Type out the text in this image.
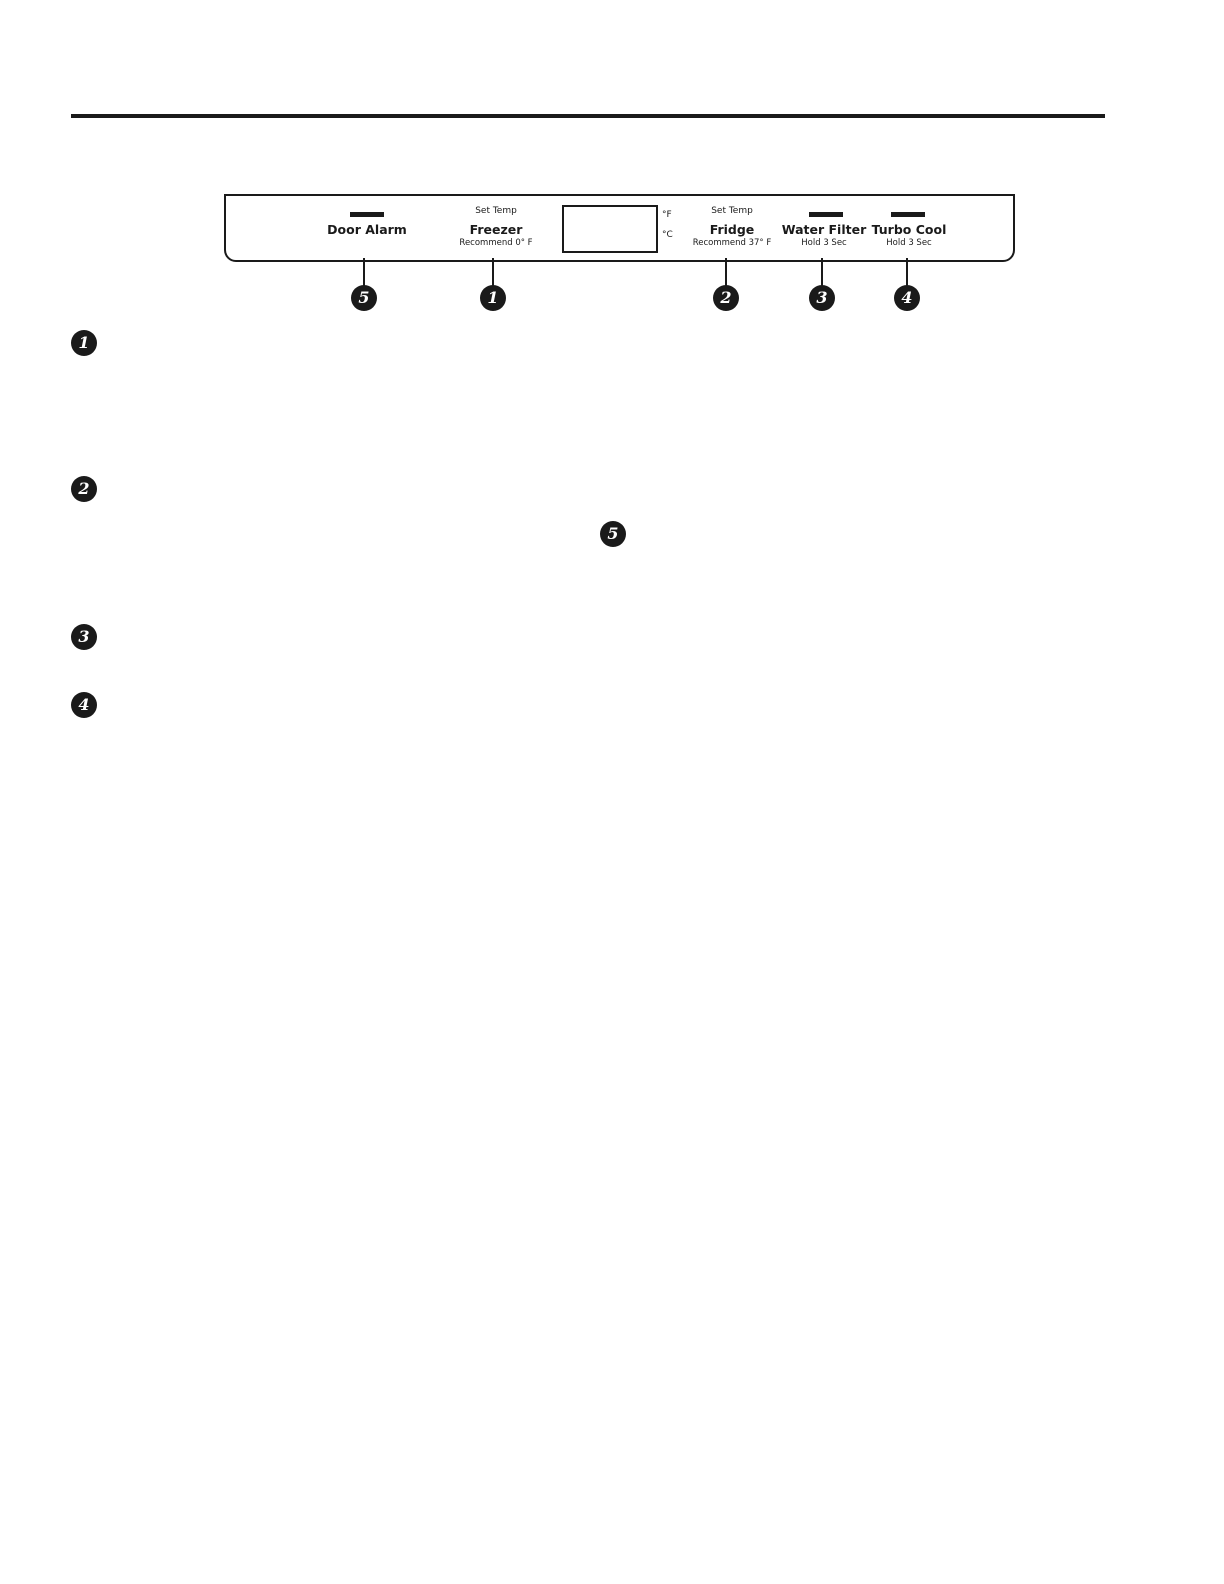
Door Alarm
Set Temp
Freezer
Recommend 0° F
°F
°C
Set Temp
Fridge
Recommend 37° F
Water Filter
Hold 3 Sec
Turbo Cool
Hold 3 Sec
5	1	2	3	4
1
2
3
4
5
